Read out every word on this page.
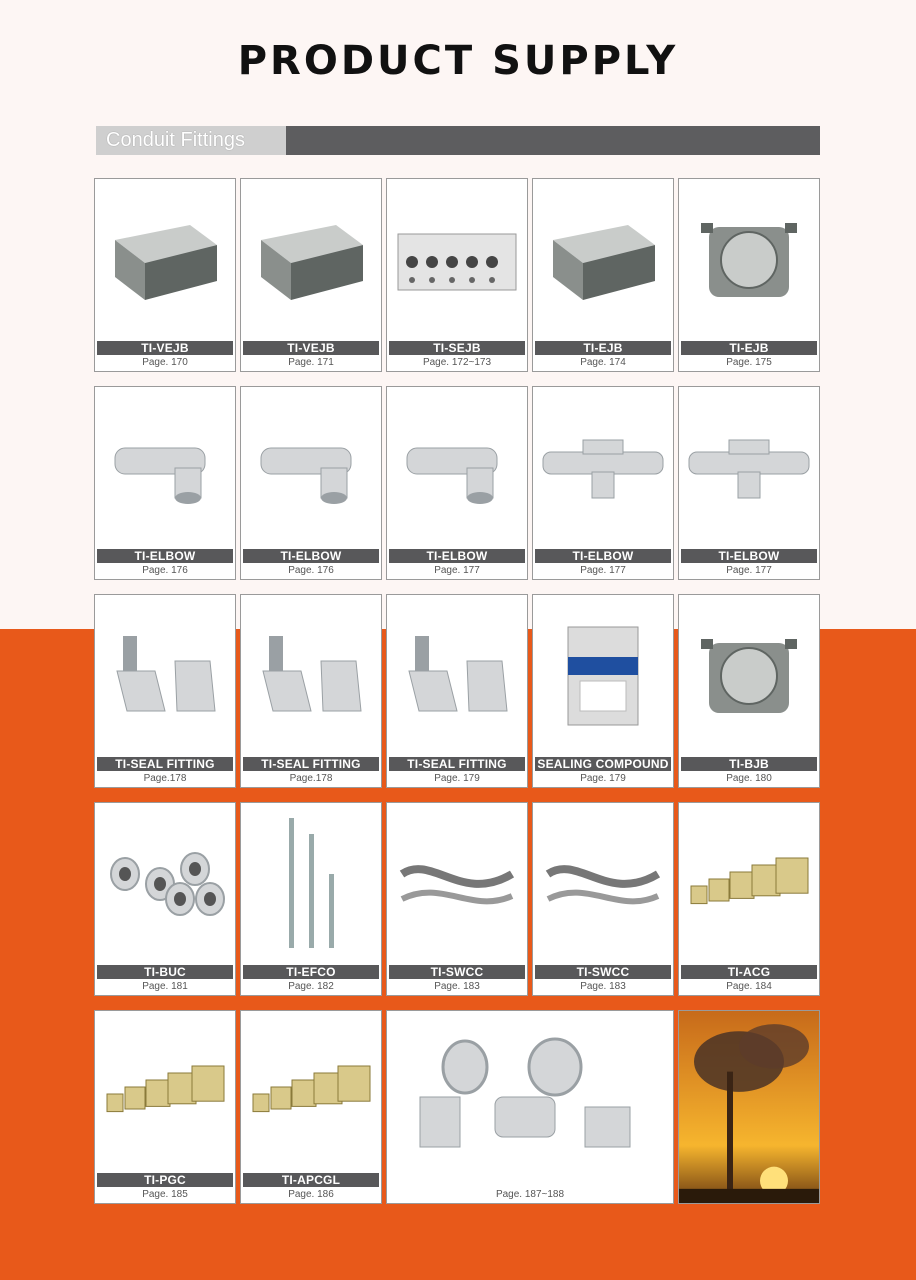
PRODUCT SUPPLY
Conduit Fittings
TI-VEJB
Page. 170
TI-VEJB
Page. 171
TI-SEJB
Page. 172~173
TI-EJB
Page. 174
TI-EJB
Page. 175
TI-ELBOW
Page. 176
TI-ELBOW
Page. 176
TI-ELBOW
Page. 177
TI-ELBOW
Page. 177
TI-ELBOW
Page. 177
TI-SEAL FITTING
Page.178
TI-SEAL FITTING
Page.178
TI-SEAL FITTING
Page. 179
SEALING COMPOUND
Page. 179
TI-BJB
Page. 180
TI-BUC
Page. 181
TI-EFCO
Page. 182
TI-SWCC
Page. 183
TI-SWCC
Page. 183
TI-ACG
Page. 184
TI-PGC
Page. 185
TI-APCGL
Page. 186	Page. 187~188
